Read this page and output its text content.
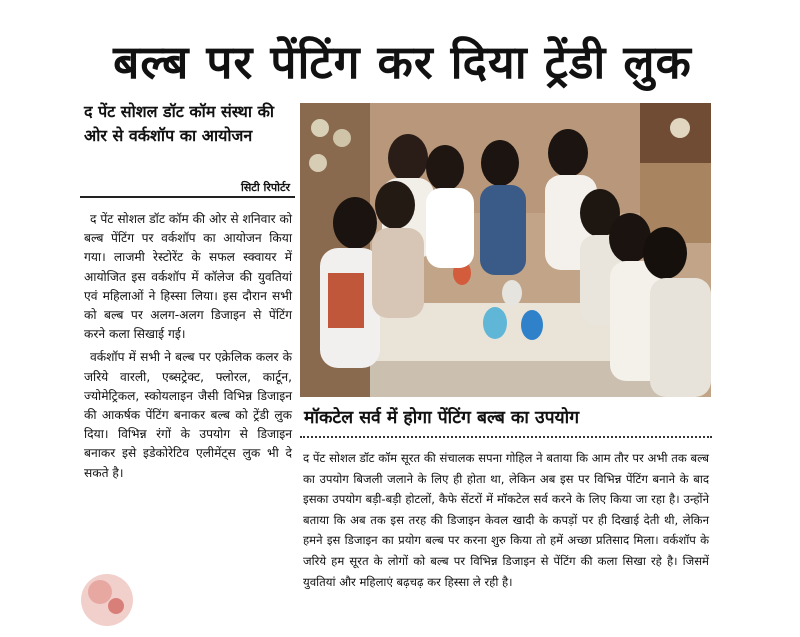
बल्ब पर पेंटिंग कर दिया ट्रेंडी लुक
द पेंट सोशल डॉट कॉम संस्था की ओर से वर्कशॉप का आयोजन
सिटी रिपोर्टर

द पेंट सोशल डॉट कॉम की ओर से शनिवार को बल्ब पेंटिंग पर वर्कशॉप का आयोजन किया गया। लाजमी रेस्टोरेंट के सफल स्क्वायर में आयोजित इस वर्कशॉप में कॉलेज की युवतियां एवं महिलाओं ने हिस्सा लिया। इस दौरान सभी को बल्ब पर अलग-अलग डिजाइन से पेंटिंग करने कला सिखाई गई।

वर्कशॉप में सभी ने बल्ब पर एक्रेलिक कलर के जरिये वारली, एब्सट्रेक्ट, फ्लोरल, कार्टून, ज्योमेट्रिकल, स्कोयलाइन जैसी विभिन्न डिजाइन की आकर्षक पेंटिंग बनाकर बल्ब को ट्रेंडी लुक दिया। विभिन्न रंगों के उपयोग से डिजाइन बनाकर इसे इडेकोरेटिव एलीमेंट्स लुक भी दे सकते है।

मॉकटेल सर्व में होगा पेंटिंग बल्ब का उपयोग
द पेंट सोशल डॉट कॉम सूरत की संचालक सपना गोहिल ने बताया कि आम तौर पर अभी तक बल्ब का उपयोग बिजली जलाने के लिए ही होता था, लेकिन अब इस पर विभिन्न पेंटिंग बनाने के बाद इसका उपयोग बड़ी-बड़ी होटलों, कैफे सेंटरों में मॉकटेल सर्व करने के लिए किया जा रहा है। उन्होंने बताया कि अब तक इस तरह की डिजाइन केवल खादी के कपड़ों पर ही दिखाई देती थी, लेकिन हमने इस डिजाइन का प्रयोग बल्ब पर करना शुरु किया तो हमें अच्छा प्रतिसाद मिला। वर्कशॉप के जरिये हम सूरत के लोगों को बल्ब पर विभिन्न डिजाइन से पेंटिंग की कला सिखा रहे है। जिसमें युवतियां और महिलाएं बढ़चढ़ कर हिस्सा ले रही है।
